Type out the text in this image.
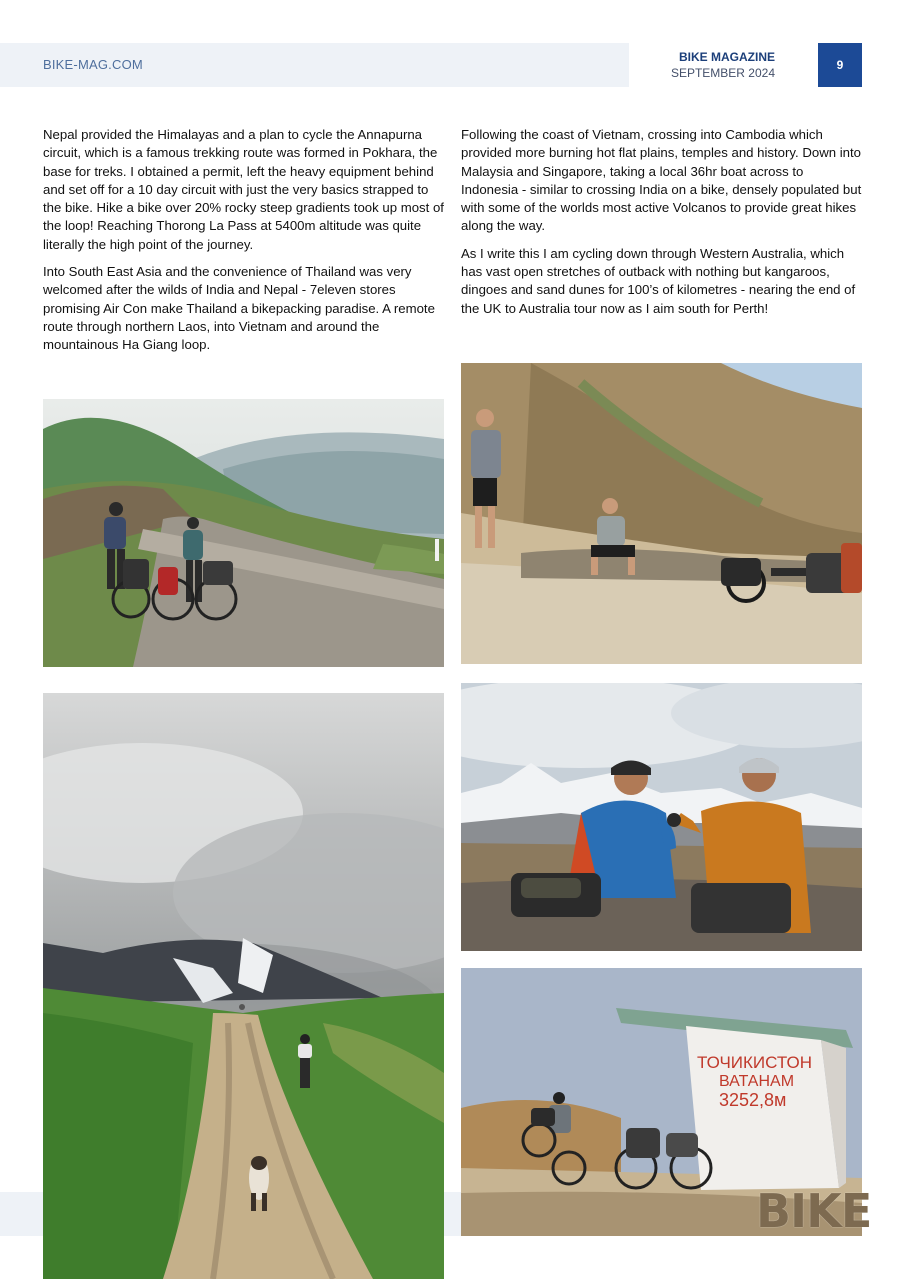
BIKE-MAG.COM	BIKE MAGAZINE
SEPTEMBER 2024
9

Nepal provided the Himalayas and a plan to cycle the Annapurna circuit, which is a famous trekking route was formed in Pokhara, the base for treks. I obtained a permit, left the heavy equipment behind and set off for a 10 day circuit with just the very basics strapped to the bike. Hike a bike over 20% rocky steep gradients took up most of the loop! Reaching Thorong La Pass at 5400m altitude was quite literally the high point of the journey.

Into South East Asia and the convenience of Thailand was very welcomed after the wilds of India and Nepal - 7eleven stores promising Air Con make Thailand a bikepacking paradise. A remote route through northern Laos, into Vietnam and around the mountainous Ha Giang loop.

Following the coast of Vietnam, crossing into Cambodia which provided more burning hot flat plains, temples and history. Down into Malaysia and Singapore, taking a local 36hr boat across to Indonesia - similar to crossing India on a bike, densely populated but with some of the worlds most active Volcanos to provide great hikes along the way.

As I write this I am cycling down through Western Australia, which has vast open stretches of outback with nothing but kangaroos, dingoes and sand dunes for 100’s of kilometres - nearing the end of the UK to Australia tour now as I aim south for Perth!

ТОЧИКИСТОН
ВАТАНАМ
3252,8м
BIKE
